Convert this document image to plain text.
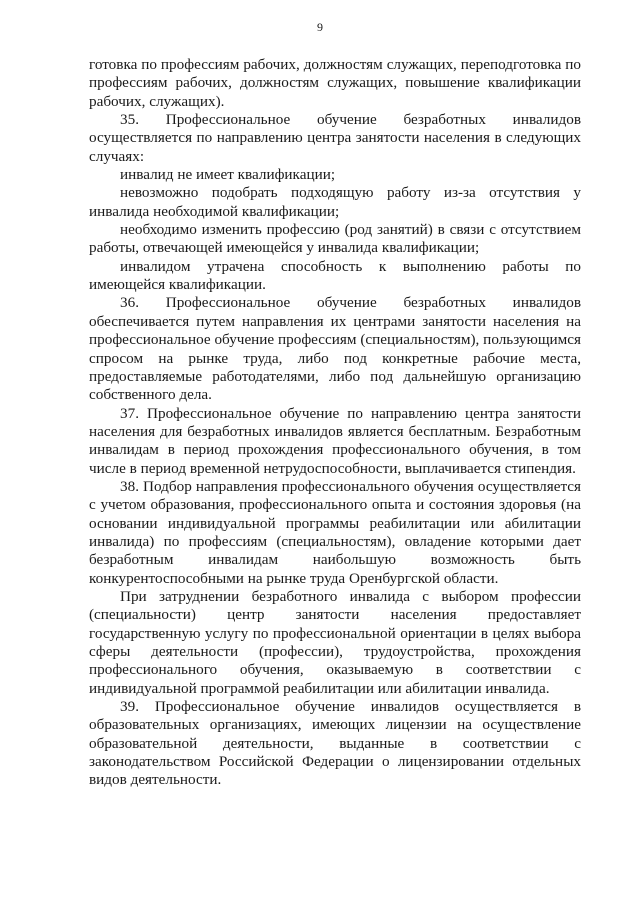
9

готовка по профессиям рабочих, должностям служащих, переподготовка по профессиям рабочих, должностям служащих, повышение квалификации рабочих, служащих).

35. Профессиональное обучение безработных инвалидов осуществляется по направлению центра занятости населения в следующих случаях:

инвалид не имеет квалификации;

невозможно подобрать подходящую работу из-за отсутствия у инвалида необходимой квалификации;

необходимо изменить профессию (род занятий) в связи с отсутствием работы, отвечающей имеющейся у инвалида квалификации;

инвалидом утрачена способность к выполнению работы по имеющейся квалификации.

36. Профессиональное обучение безработных инвалидов обеспечивается путем направления их центрами занятости населения на профессиональное обучение профессиям (специальностям), пользующимся спросом на рынке труда, либо под конкретные рабочие места, предоставляемые работодателями, либо под дальнейшую организацию собственного дела.

37. Профессиональное обучение по направлению центра занятости населения для безработных инвалидов является бесплатным. Безработным инвалидам в период прохождения профессионального обучения, в том числе в период временной нетрудоспособности, выплачивается стипендия.

38. Подбор направления профессионального обучения осуществляется с учетом образования, профессионального опыта и состояния здоровья (на основании индивидуальной программы реабилитации или абилитации инвалида) по профессиям (специальностям), овладение которыми дает безработным инвалидам наибольшую возможность быть конкурентоспособными на рынке труда Оренбургской области.

При затруднении безработного инвалида с выбором профессии (специальности) центр занятости населения предоставляет государственную услугу по профессиональной ориентации в целях выбора сферы деятельности (профессии), трудоустройства, прохождения профессионального обучения, оказываемую в соответствии с индивидуальной программой реабилитации или абилитации инвалида.

39. Профессиональное обучение инвалидов осуществляется в образовательных организациях, имеющих лицензии на осуществление образовательной деятельности, выданные в соответствии с законодательством Российской Федерации о лицензировании отдельных видов деятельности.
